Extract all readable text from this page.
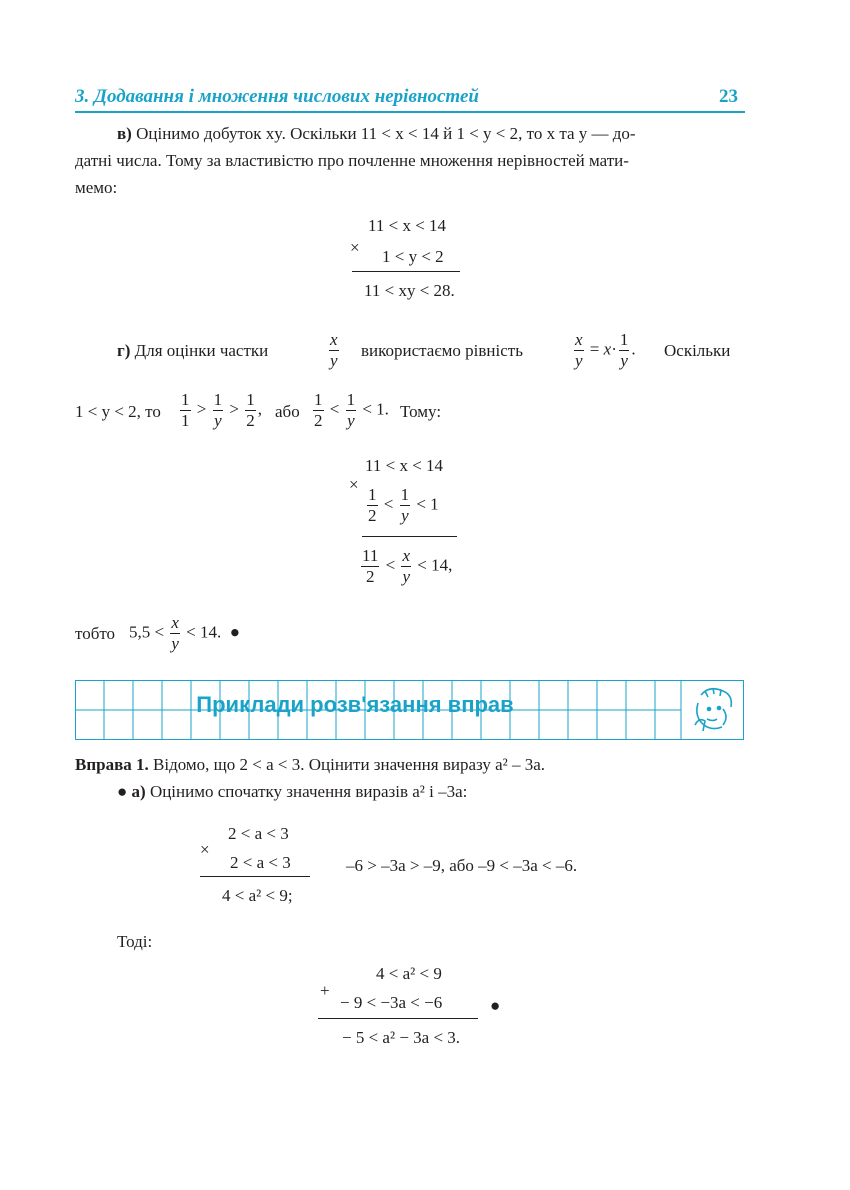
3. Додавання і множення числових нерівностей	23
в) Оцінимо добуток xy. Оскільки 11 < x < 14 й 1 < y < 2, то x та y — до-
датні числа. Тому за властивістю про почленне множення нерівностей мати-
мемо:
×
11 < x < 14
1 < y < 2
11 < xy < 28.
г) Для оцінки частки	$\frac{x}{y}$ використаємо рівність	$\frac{x}{y} = x\cdot \frac{1}{y}$ . Оскільки
1 < y < 2, то $\frac{1}{1} > \frac{1}{y} > \frac{1}{2}$ , або $\frac{1}{2} < \frac{1}{y} < 1$. Тому:
11 < x < 14
×
$\frac{1}{2} < \frac{1}{y} < 1$
$\frac{11}{2} < \frac{x}{y} < 14$,
тобто $5,5 < \frac{x}{y} < 14$.  ●
Приклади розв'язання вправ
Вправа 1. Відомо, що 2 < a < 3. Оцінити значення виразу a² – 3a.
● а) Оцінимо спочатку значення виразів a² і –3a:
2 < a < 3
×
2 < a < 3
4 < a² < 9;
–6 > –3a > –9, або –9 < –3a < –6.
Тоді:
4 < a² < 9
+
− 9 < −3a < −6	●
− 5 < a² − 3a < 3.
